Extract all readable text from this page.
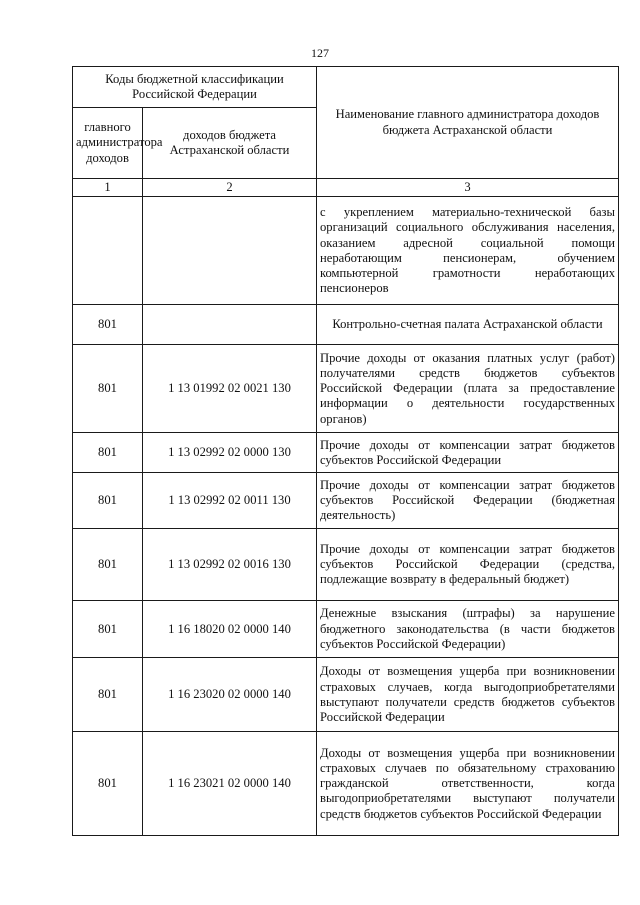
127
Коды бюджетной классификации Российской Федерации		Наименование главного администратора доходов бюджета Астраханской области
главного администратора доходов	доходов бюджета Астраханской области	
1	2	3
		с укреплением материально-технической базы организаций социального обслуживания населения, оказанием адресной социальной помощи неработающим пенсионерам, обучением компьютерной грамотности неработающих пенсионеров
801		Контрольно-счетная палата Астраханской области
801	1 13 01992 02 0021 130	Прочие доходы от оказания платных услуг (работ) получателями средств бюджетов субъектов Российской Федерации (плата за предоставление информации о деятельности государственных органов)
801	1 13 02992 02 0000 130	Прочие доходы от компенсации затрат бюджетов субъектов Российской Федерации
801	1 13 02992 02 0011 130	Прочие доходы от компенсации затрат бюджетов субъектов Российской Федерации (бюджетная деятельность)
801	1 13 02992 02 0016 130	Прочие доходы от компенсации затрат бюджетов субъектов Российской Федерации (средства, подлежащие возврату в федеральный бюджет)
801	1 16 18020 02 0000 140	Денежные взыскания (штрафы) за нарушение бюджетного законодательства (в части бюджетов субъектов Российской Федерации)
801	1 16 23020 02 0000 140	Доходы от возмещения ущерба при возникновении страховых случаев, когда выгодоприобретателями выступают получатели средств бюджетов субъектов Российской Федерации
801	1 16 23021 02 0000 140	Доходы от возмещения ущерба при возникновении страховых случаев по обязательному страхованию гражданской ответственности, когда выгодоприобретателями выступают получатели средств бюджетов субъектов Российской Федерации
